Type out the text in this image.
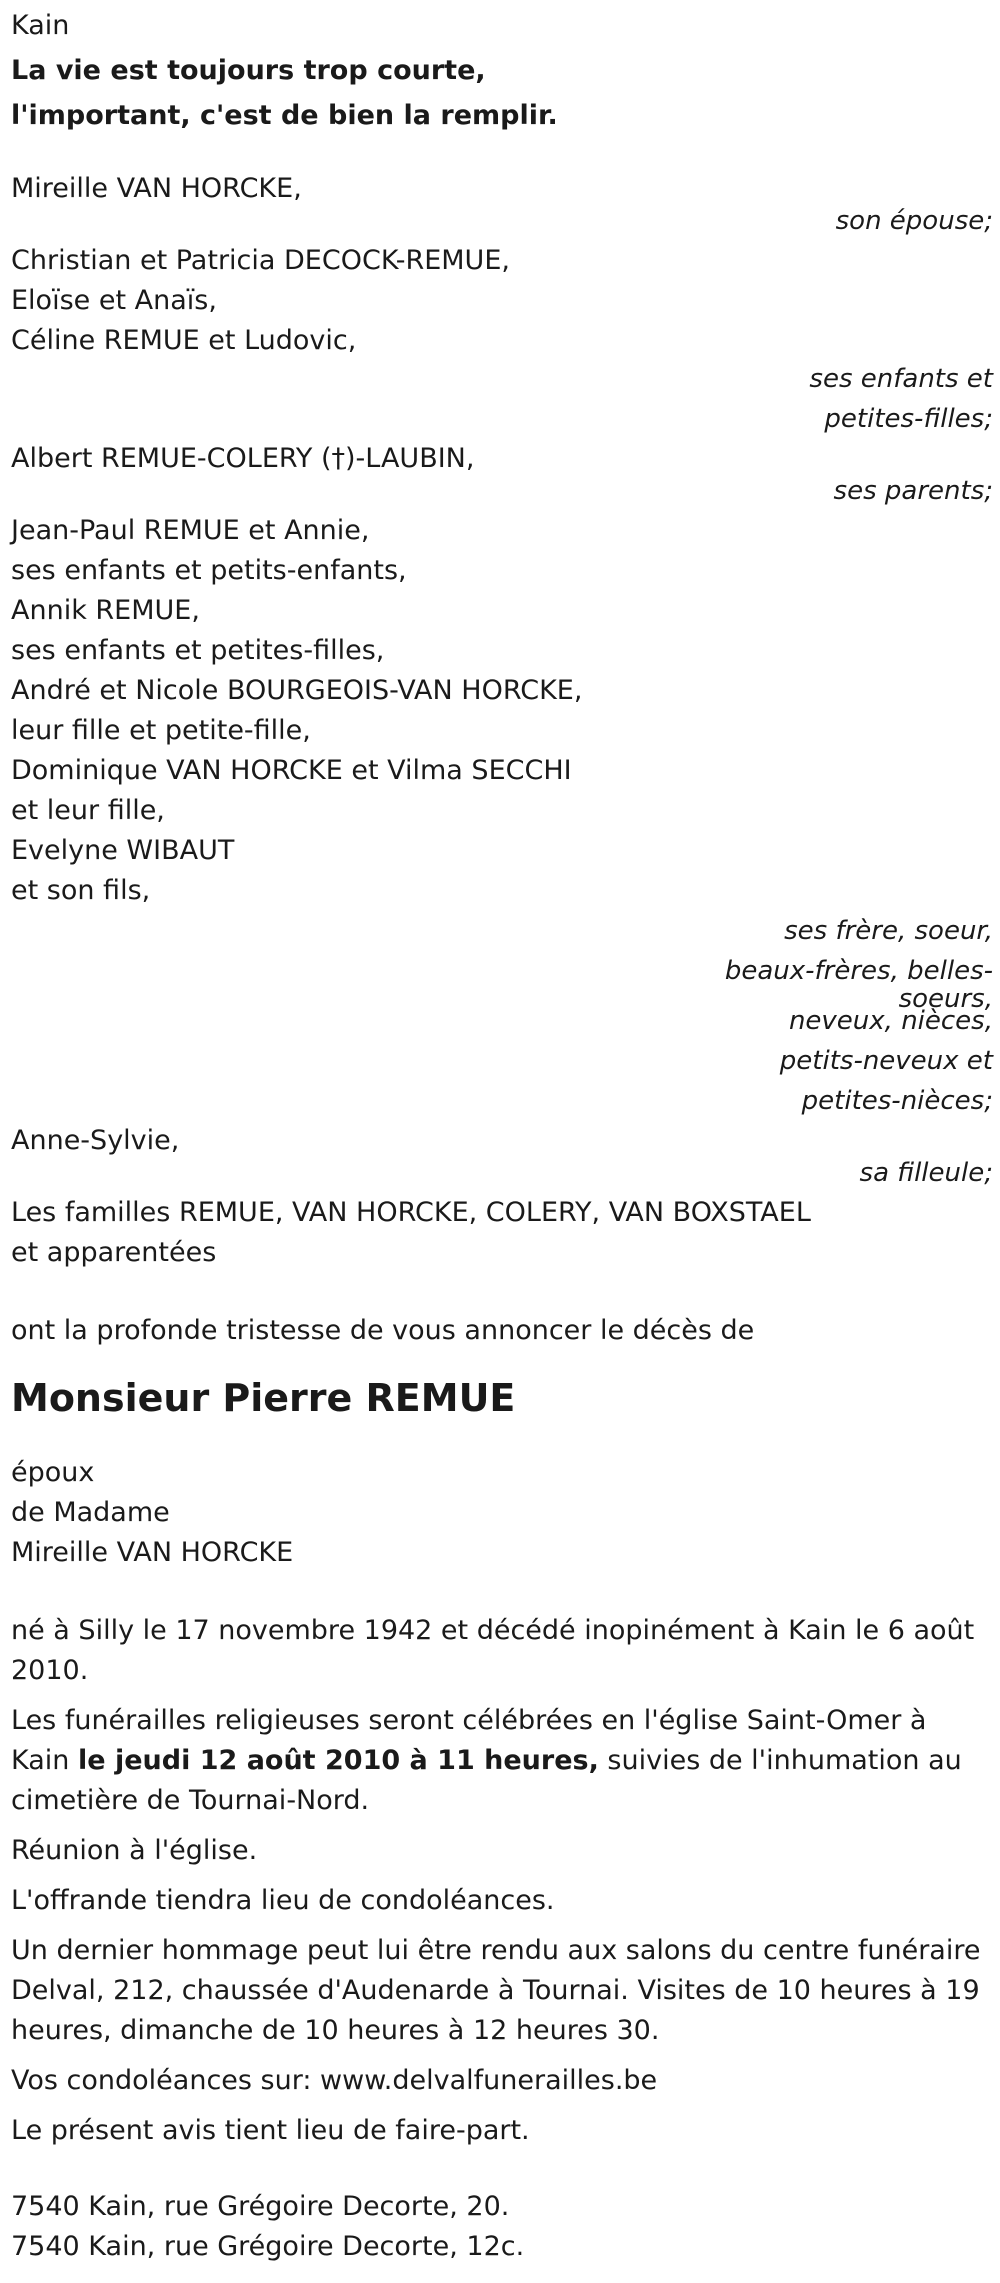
Kain
La vie est toujours trop courte,
l'important, c'est de bien la remplir.
Mireille VAN HORCKE,
son épouse;
Christian et Patricia DECOCK-REMUE,
Eloïse et Anaïs,
Céline REMUE et Ludovic,
ses enfants et
petites-filles;
Albert REMUE-COLERY (†)-LAUBIN,
ses parents;
Jean-Paul REMUE et Annie,
ses enfants et petits-enfants,
Annik REMUE,
ses enfants et petites-filles,
André et Nicole BOURGEOIS-VAN HORCKE,
leur fille et petite-fille,
Dominique VAN HORCKE et Vilma SECCHI
et leur fille,
Evelyne WIBAUT
et son fils,
ses frère, soeur,
beaux-frères, belles-
soeurs,
neveux, nièces,
petits-neveux et
petites-nièces;
Anne-Sylvie,
sa filleule;
Les familles REMUE, VAN HORCKE, COLERY, VAN BOXSTAEL
et apparentées
ont la profonde tristesse de vous annoncer le décès de

Monsieur Pierre REMUE

époux
de Madame
Mireille VAN HORCKE
né à Silly le 17 novembre 1942 et décédé inopinément à Kain le 6 août 2010.
Les funérailles religieuses seront célébrées en l'église Saint-Omer à Kain le jeudi 12 août 2010 à 11 heures, suivies de l'inhumation au cimetière de Tournai-Nord.
Réunion à l'église.
L'offrande tiendra lieu de condoléances.
Un dernier hommage peut lui être rendu aux salons du centre funéraire Delval, 212, chaussée d'Audenarde à Tournai. Visites de 10 heures à 19 heures, dimanche de 10 heures à 12 heures 30.
Vos condoléances sur: www.delvalfunerailles.be
Le présent avis tient lieu de faire-part.
7540 Kain, rue Grégoire Decorte, 20.
7540 Kain, rue Grégoire Decorte, 12c.
